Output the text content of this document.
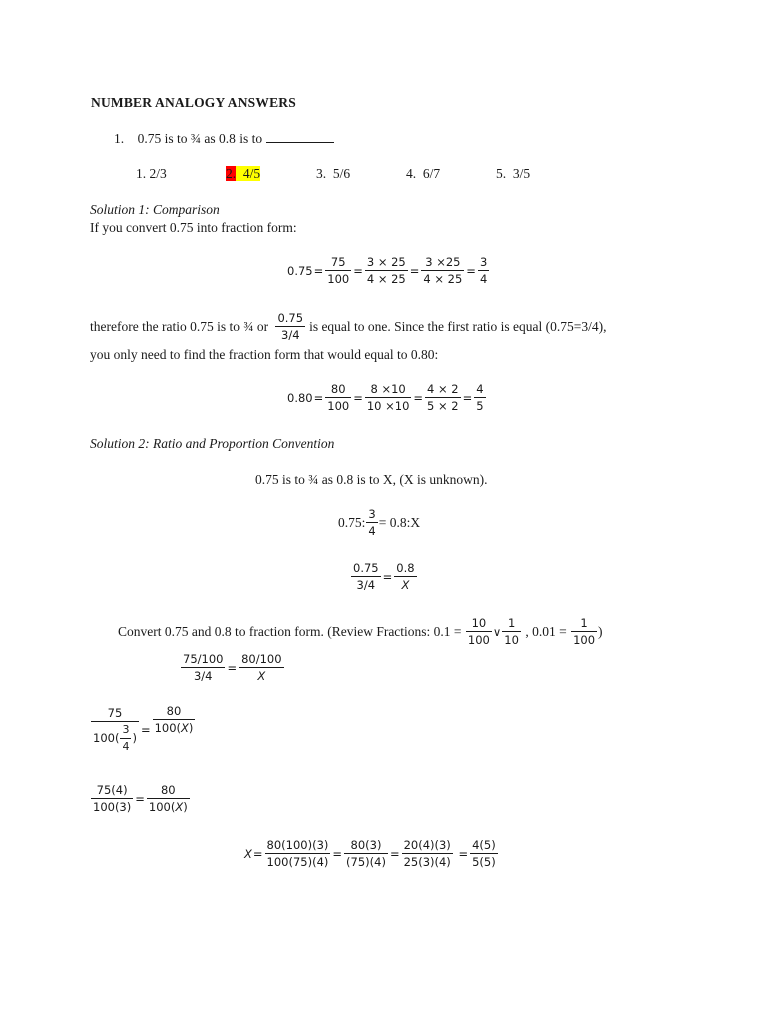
NUMBER ANALOGY ANSWERS
1. 0.75 is to ¾ as 0.8 is to
1. 2/3	2. 4/5	3. 5/6	4. 6/7	5. 3/5
Solution 1: Comparison
If you convert 0.75 into fraction form:
$0.75 = \frac{75}{100} = \frac{3 \times 25}{4 \times 25} = \frac{3 \times 25}{4 \times 25} = \frac{3}{4}$
therefore the ratio 0.75 is to ¾ or
$\frac{0.75}{3/4}$ is equal to one. Since the first ratio is equal (0.75=3/4),
you only need to find the fraction form that would equal to 0.80:
$0.80 = \frac{80}{100} = \frac{8 \times 10}{10 \times 10} = \frac{4 \times 2}{5 \times 2} = \frac{4}{5}$
Solution 2: Ratio and Proportion Convention
0.75 is to ¾ as 0.8 is to X, (X is unknown).
0.75: $\frac{3}{4}$ = 0.8:X
$\frac{0.75}{3/4} = \frac{0.8}{X}$
Convert 0.75 and 0.8 to fraction form. (Review Fractions: 0.1 =
$\frac{10}{100}$ ∨ $\frac{1}{10}$
, 0.01 =
$\frac{1}{100}$ )
$\frac{75/100}{3/4} = \frac{80/100}{X}$
$\frac{75}{100( \frac{3}{4} )} = \frac{80}{100(X)}$
$\frac{75(4)}{100(3)} = \frac{80}{100(X)}$
$X = \frac{80(100)(3)}{100(75)(4)} = \frac{80(3)}{(75)(4)} = \frac{20(4)(3)}{25(3)(4)}$
= $\frac{4(5)}{5(5)}$
